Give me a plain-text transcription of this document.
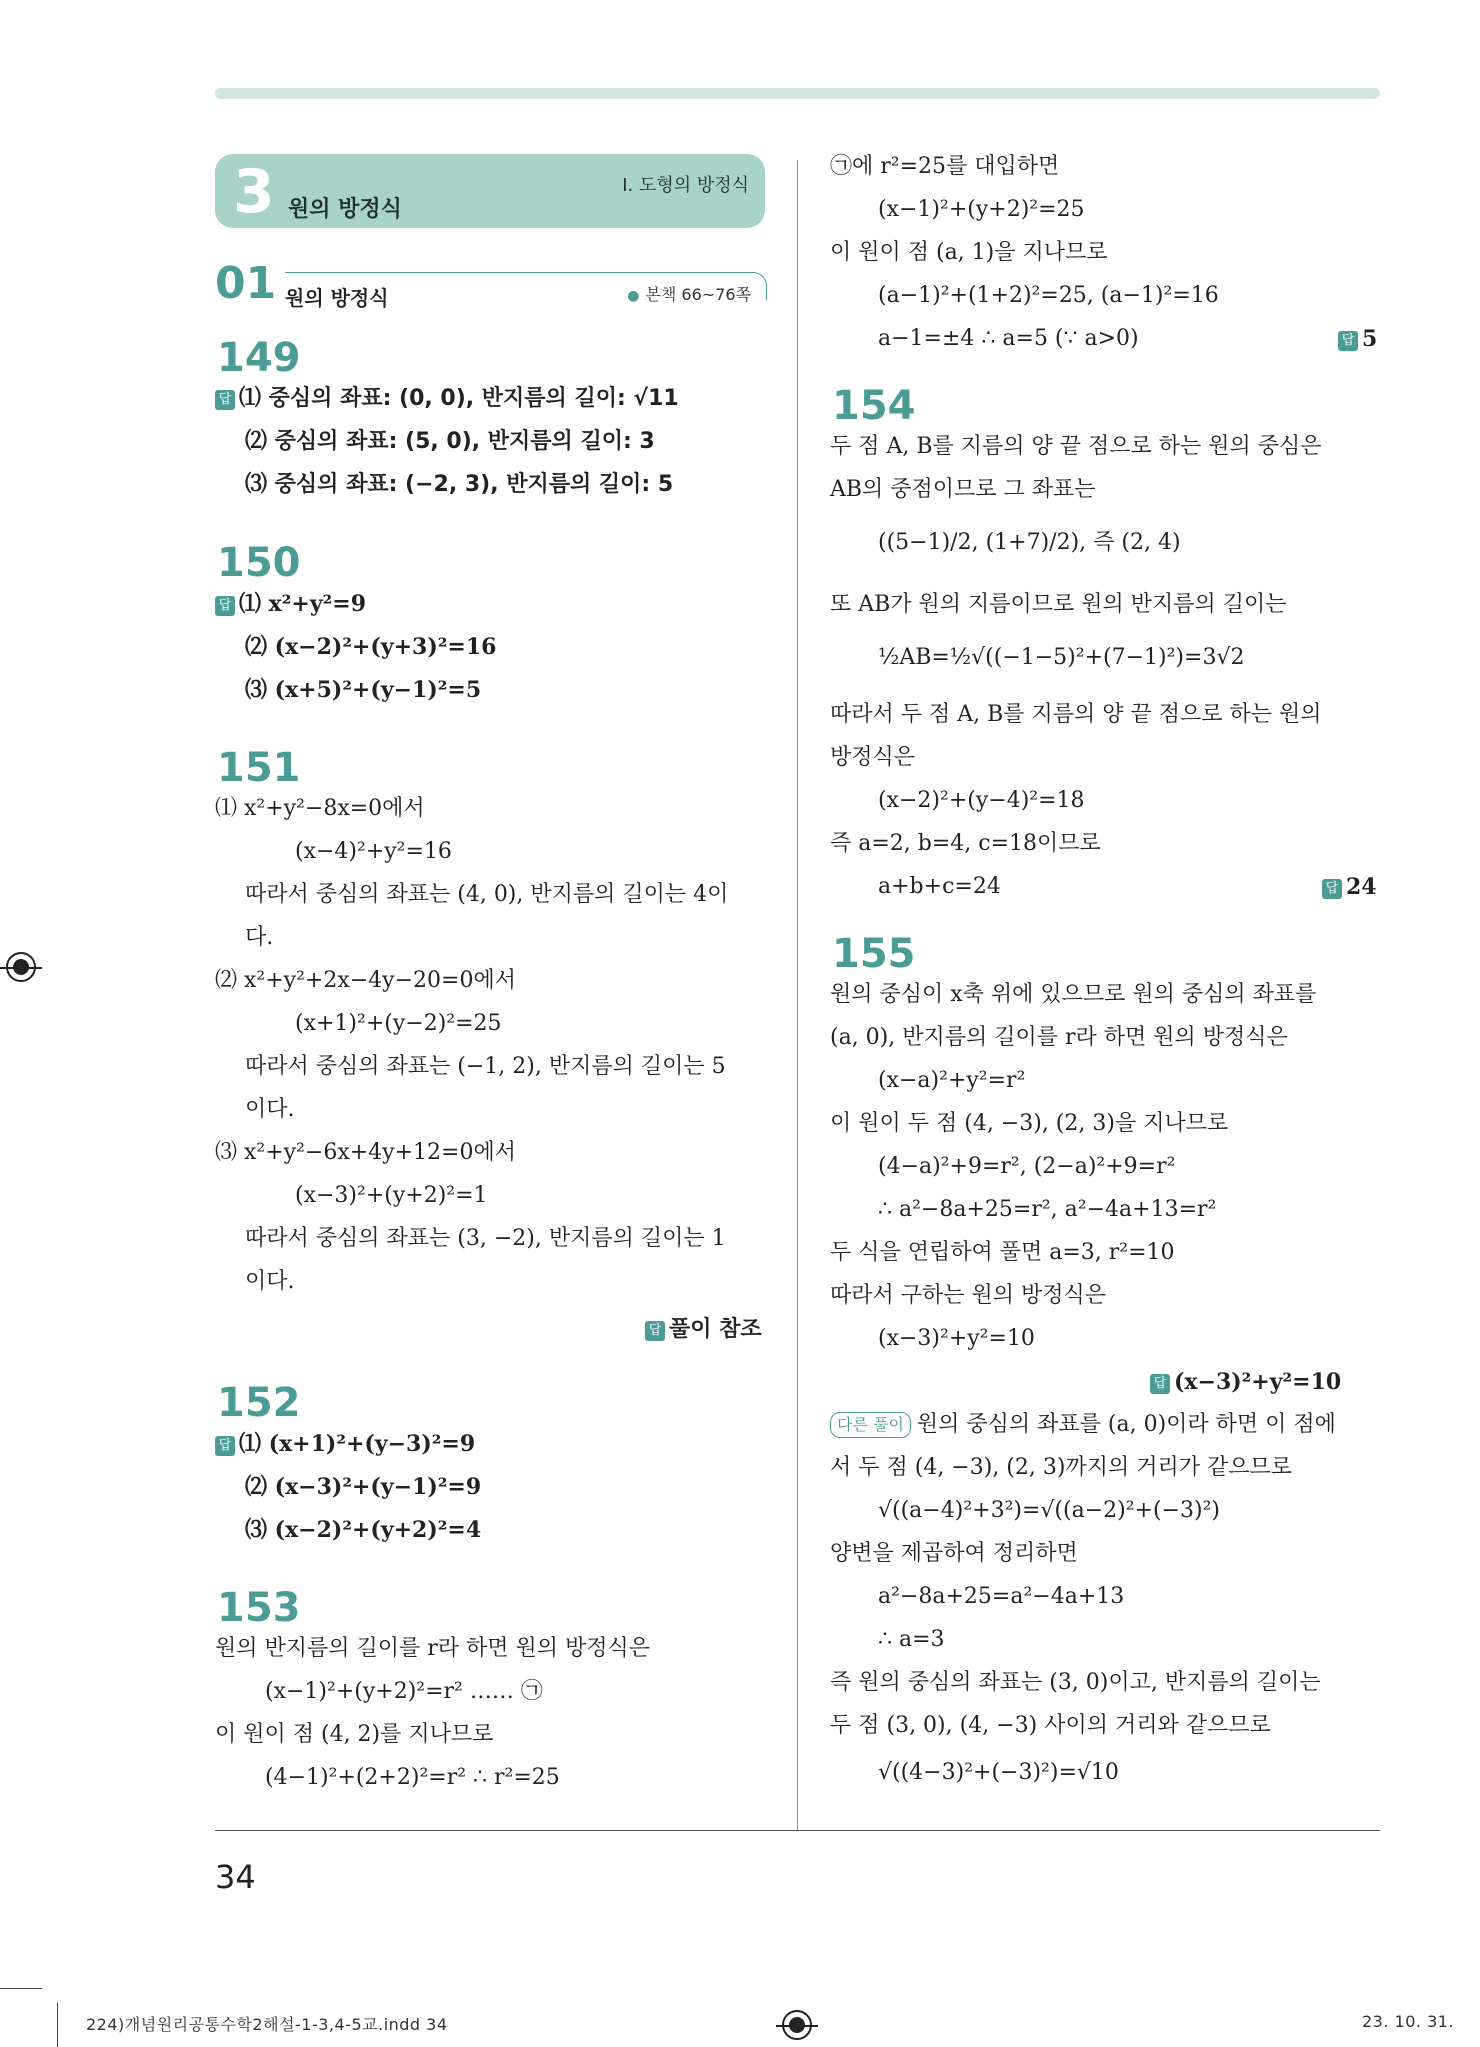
3 원의 방정식
Ⅰ. 도형의 방정식
01 원의 방정식	● 본책 66~76쪽
149
답 ⑴ 중심의 좌표: (0, 0), 반지름의 길이: √11
⑵ 중심의 좌표: (5, 0), 반지름의 길이: 3
⑶ 중심의 좌표: (−2, 3), 반지름의 길이: 5
150
답 ⑴ x²+y²=9
⑵ (x−2)²+(y+3)²=16
⑶ (x+5)²+(y−1)²=5
151
⑴ x²+y²−8x=0에서
(x−4)²+y²=16
따라서 중심의 좌표는 (4, 0), 반지름의 길이는 4이
다.
⑵ x²+y²+2x−4y−20=0에서
(x+1)²+(y−2)²=25
따라서 중심의 좌표는 (−1, 2), 반지름의 길이는 5
이다.
⑶ x²+y²−6x+4y+12=0에서
(x−3)²+(y+2)²=1
따라서 중심의 좌표는 (3, −2), 반지름의 길이는 1
이다.
답 풀이 참조
152
답 ⑴ (x+1)²+(y−3)²=9
⑵ (x−3)²+(y−1)²=9
⑶ (x−2)²+(y+2)²=4
153
원의 반지름의 길이를 r라 하면 원의 방정식은
(x−1)²+(y+2)²=r² …… ㉠
이 원이 점 (4, 2)를 지나므로
(4−1)²+(2+2)²=r² ∴ r²=25
㉠에 r²=25를 대입하면
(x−1)²+(y+2)²=25
이 원이 점 (a, 1)을 지나므로
(a−1)²+(1+2)²=25, (a−1)²=16
a−1=±4 ∴ a=5 (∵ a>0)	답 5
154
두 점 A, B를 지름의 양 끝 점으로 하는 원의 중심은
AB의 중점이므로 그 좌표는
((5−1)/2, (1+7)/2), 즉 (2, 4)
또 AB가 원의 지름이므로 원의 반지름의 길이는
½AB=½√((−1−5)²+(7−1)²)=3√2
따라서 두 점 A, B를 지름의 양 끝 점으로 하는 원의
방정식은
(x−2)²+(y−4)²=18
즉 a=2, b=4, c=18이므로
a+b+c=24	답 24
155
원의 중심이 x축 위에 있으므로 원의 중심의 좌표를
(a, 0), 반지름의 길이를 r라 하면 원의 방정식은
(x−a)²+y²=r²
이 원이 두 점 (4, −3), (2, 3)을 지나므로
(4−a)²+9=r², (2−a)²+9=r²
∴ a²−8a+25=r², a²−4a+13=r²
두 식을 연립하여 풀면 a=3, r²=10
따라서 구하는 원의 방정식은
(x−3)²+y²=10
답 (x−3)²+y²=10
다른 풀이 원의 중심의 좌표를 (a, 0)이라 하면 이 점에
서 두 점 (4, −3), (2, 3)까지의 거리가 같으므로
√((a−4)²+3²)=√((a−2)²+(−3)²)
양변을 제곱하여 정리하면
a²−8a+25=a²−4a+13
∴ a=3
즉 원의 중심의 좌표는 (3, 0)이고, 반지름의 길이는
두 점 (3, 0), (4, −3) 사이의 거리와 같으므로
√((4−3)²+(−3)²)=√10
34
224)개념원리공통수학2해설-1-3,4-5교.indd 34	23. 10. 31.
